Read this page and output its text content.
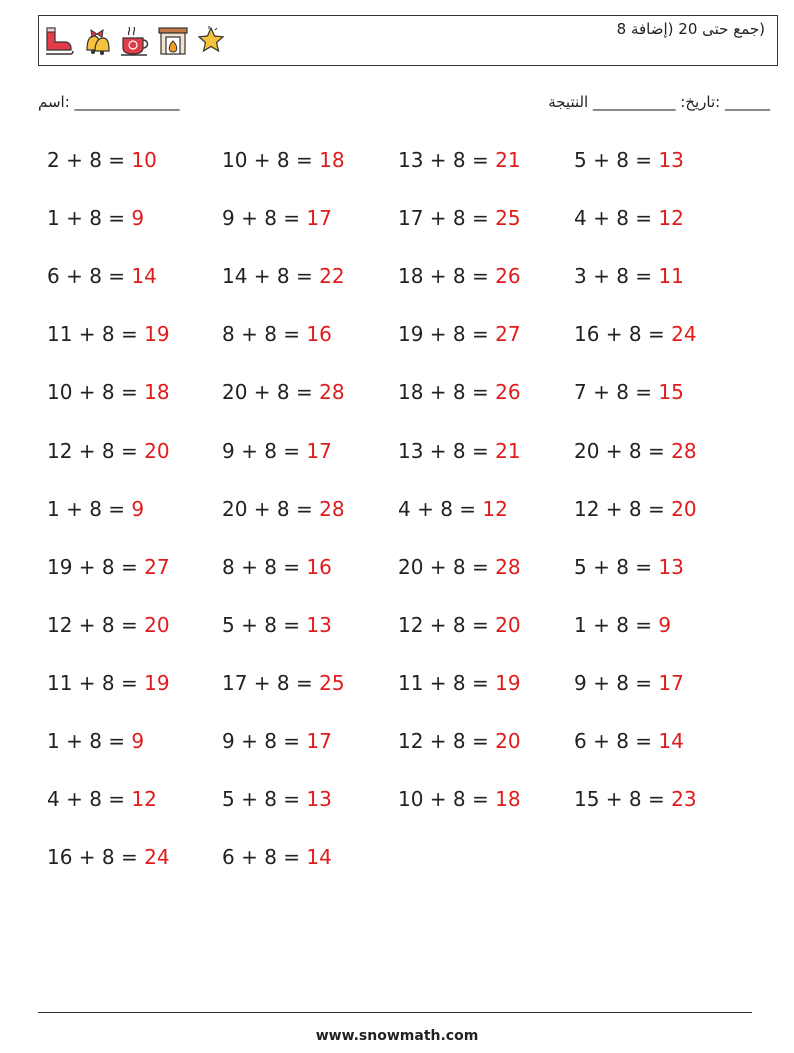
(جمع حتى 20 (إضافة 8
اسم: ______________	______ :تاريخ: ___________ النتيجة
2 + 8 = 10	10 + 8 = 18	13 + 8 = 21	5 + 8 = 13
1 + 8 = 9	9 + 8 = 17	17 + 8 = 25	4 + 8 = 12
6 + 8 = 14	14 + 8 = 22	18 + 8 = 26	3 + 8 = 11
11 + 8 = 19	8 + 8 = 16	19 + 8 = 27	16 + 8 = 24
10 + 8 = 18	20 + 8 = 28	18 + 8 = 26	7 + 8 = 15
12 + 8 = 20	9 + 8 = 17	13 + 8 = 21	20 + 8 = 28
1 + 8 = 9	20 + 8 = 28	4 + 8 = 12	12 + 8 = 20
19 + 8 = 27	8 + 8 = 16	20 + 8 = 28	5 + 8 = 13
12 + 8 = 20	5 + 8 = 13	12 + 8 = 20	1 + 8 = 9
11 + 8 = 19	17 + 8 = 25	11 + 8 = 19	9 + 8 = 17
1 + 8 = 9	9 + 8 = 17	12 + 8 = 20	6 + 8 = 14
4 + 8 = 12	5 + 8 = 13	10 + 8 = 18	15 + 8 = 23
16 + 8 = 24	6 + 8 = 14
www.snowmath.com
